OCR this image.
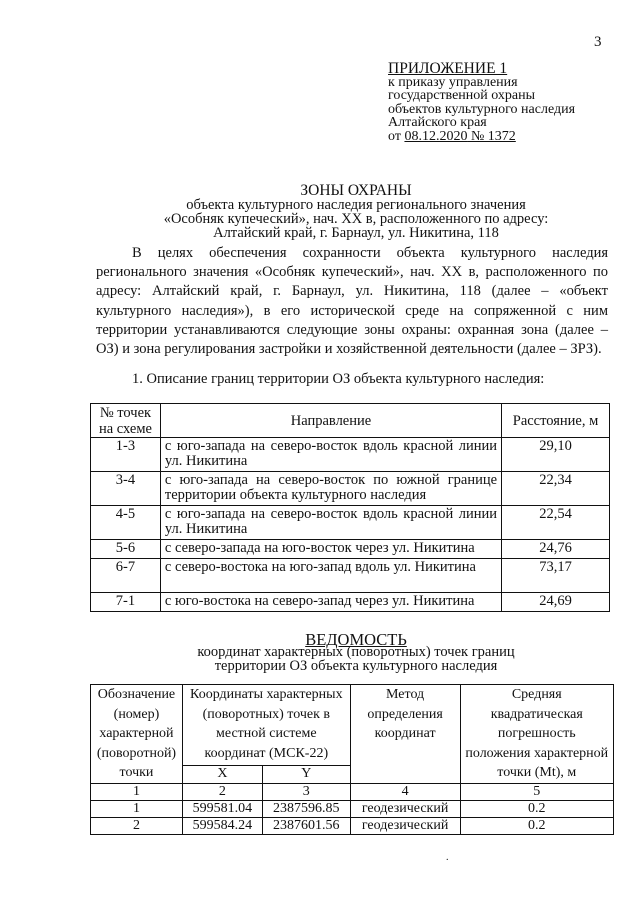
3
ПРИЛОЖЕНИЕ 1
к приказу управления
государственной охраны
объектов культурного наследия
Алтайского края
от 08.12.2020 № 1372
ЗОНЫ ОХРАНЫ
объекта культурного наследия регионального значения
«Особняк купеческий», нач. XX в, расположенного по адресу:
Алтайский край, г. Барнаул, ул. Никитина, 118

В целях обеспечения сохранности объекта культурного наследия регионального значения «Особняк купеческий», нач. XX в, расположенного по адресу: Алтайский край, г. Барнаул, ул. Никитина, 118 (далее – «объект культурного наследия»), в его исторической среде на сопряженной с ним территории устанавливаются следующие зоны охраны: охранная зона (далее – ОЗ) и зона регулирования застройки и хозяйственной деятельности (далее – ЗРЗ).

1. Описание границ территории ОЗ объекта культурного наследия:
№ точек на схеме	Направление	Расстояние, м
1-3	с юго-запада на северо-восток вдоль красной линии ул. Никитина	29,10
3-4	с юго-запада на северо-восток по южной границе территории объекта культурного наследия	22,34
4-5	с юго-запада на северо-восток вдоль красной линии ул. Никитина	22,54
5-6	с северо-запада на юго-восток через ул. Никитина	24,76
6-7	с северо-востока на юго-запад вдоль ул. Никитина	73,17
7-1	с юго-востока на северо-запад через ул. Никитина	24,69
ВЕДОМОСТЬ
координат характерных (поворотных) точек границ
территории ОЗ объекта культурного наследия
Обозначение (номер) характерной (поворотной) точки	Координаты характерных (поворотных) точек в местной системе координат (МСК-22)		Метод определения координат	Средняя квадратическая погрешность положения характерной точки (Mt), м
	X	Y		
1	2	3	4	5
1	599581.04	2387596.85	геодезический	0.2
2	599584.24	2387601.56	геодезический	0.2
.
